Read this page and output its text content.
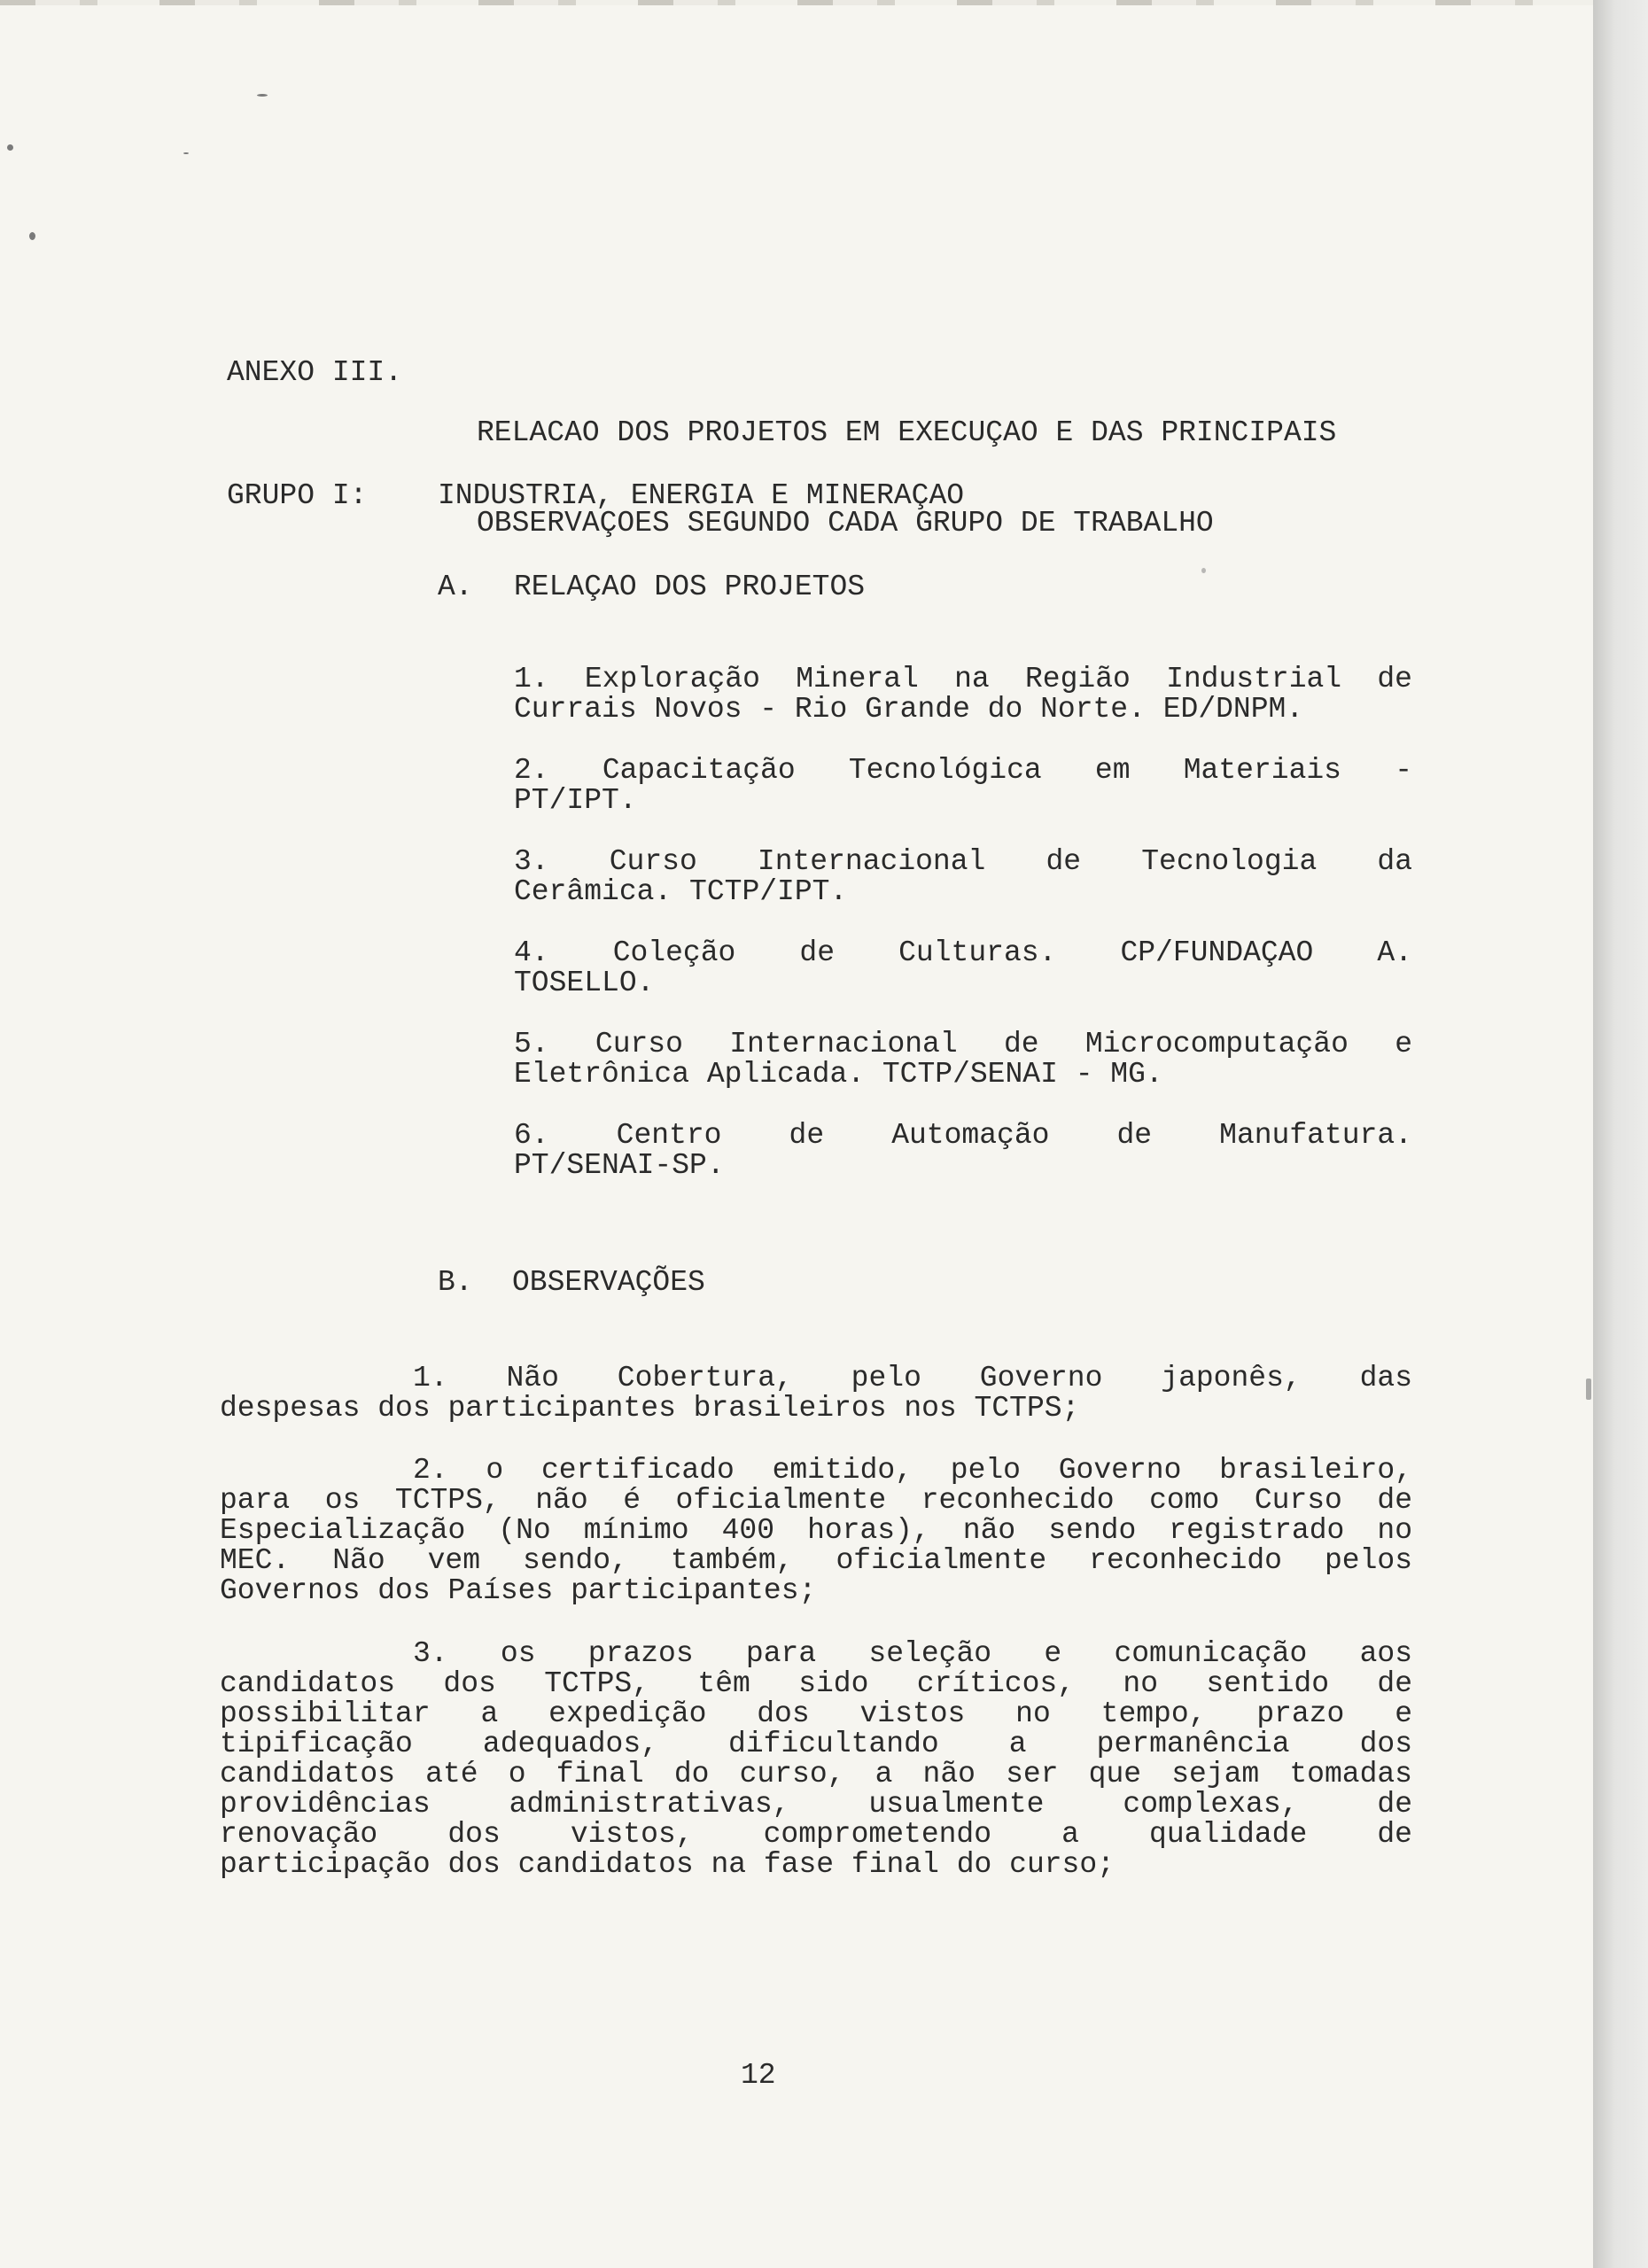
ANEXO III.

RELACAO DOS PROJETOS EM EXECUÇAO E DAS PRINCIPAIS

OBSERVAÇOES SEGUNDO CADA GRUPO DE TRABALHO

GRUPO I: INDUSTRIA, ENERGIA E MINERAÇAO
A. RELAÇAO DOS PROJETOS
1. Exploração Mineral na Região Industrial de
Currais Novos - Rio Grande do Norte. ED/DNPM.
2. Capacitação Tecnológica em Materiais -
PT/IPT.
3. Curso Internacional de Tecnologia da
Cerâmica. TCTP/IPT.
4. Coleção de Culturas. CP/FUNDAÇAO A.
TOSELLO.
5. Curso Internacional de Microcomputação e
Eletrônica Aplicada. TCTP/SENAI - MG.
6. Centro de Automação de Manufatura.
PT/SENAI-SP.
B. OBSERVAÇÕES
1. Não Cobertura, pelo Governo japonês, das
despesas dos participantes brasileiros nos TCTPS;
2. o certificado emitido, pelo Governo brasileiro,
para os TCTPS, não é oficialmente reconhecido como Curso de
Especialização (No mínimo 400 horas), não sendo registrado no
MEC. Não vem sendo, também, oficialmente reconhecido pelos
Governos dos Países participantes;
3. os prazos para seleção e comunicação aos
candidatos dos TCTPS, têm sido críticos, no sentido de
possibilitar a expedição dos vistos no tempo, prazo e
tipificação adequados, dificultando a permanência dos
candidatos até o final do curso, a não ser que sejam tomadas
providências administrativas, usualmente complexas, de
renovação dos vistos, comprometendo a qualidade de
participação dos candidatos na fase final do curso;
12
